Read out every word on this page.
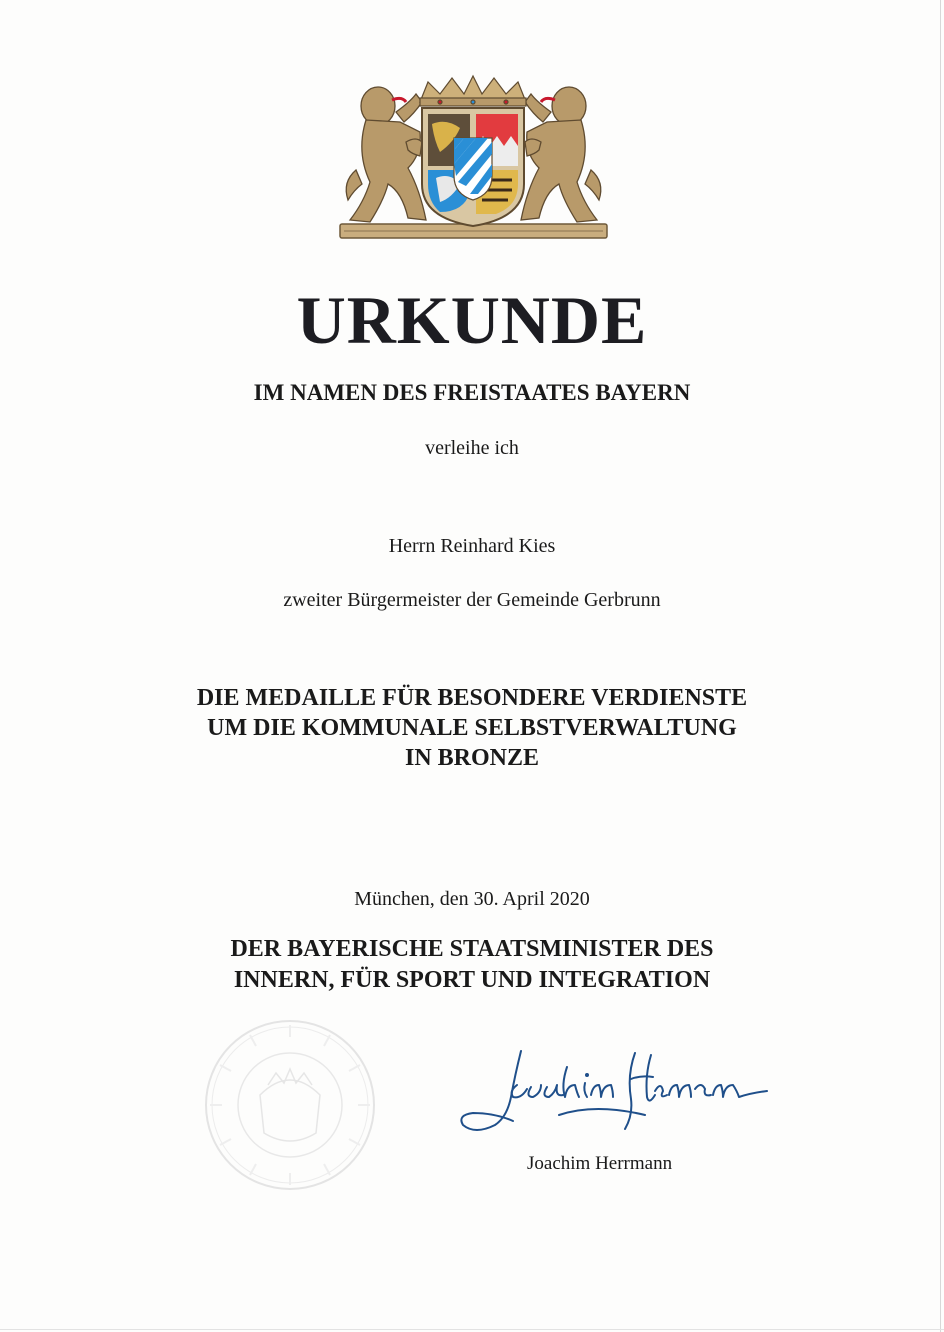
URKUNDE
IM NAMEN DES FREISTAATES BAYERN
verleihe ich
Herrn Reinhard Kies
zweiter Bürgermeister der Gemeinde Gerbrunn
DIE MEDAILLE FÜR BESONDERE VERDIENSTE
UM DIE KOMMUNALE SELBSTVERWALTUNG
IN BRONZE
München, den 30. April 2020
DER BAYERISCHE STAATSMINISTER DES
INNERN, FÜR SPORT UND INTEGRATION
Joachim Herrmann
